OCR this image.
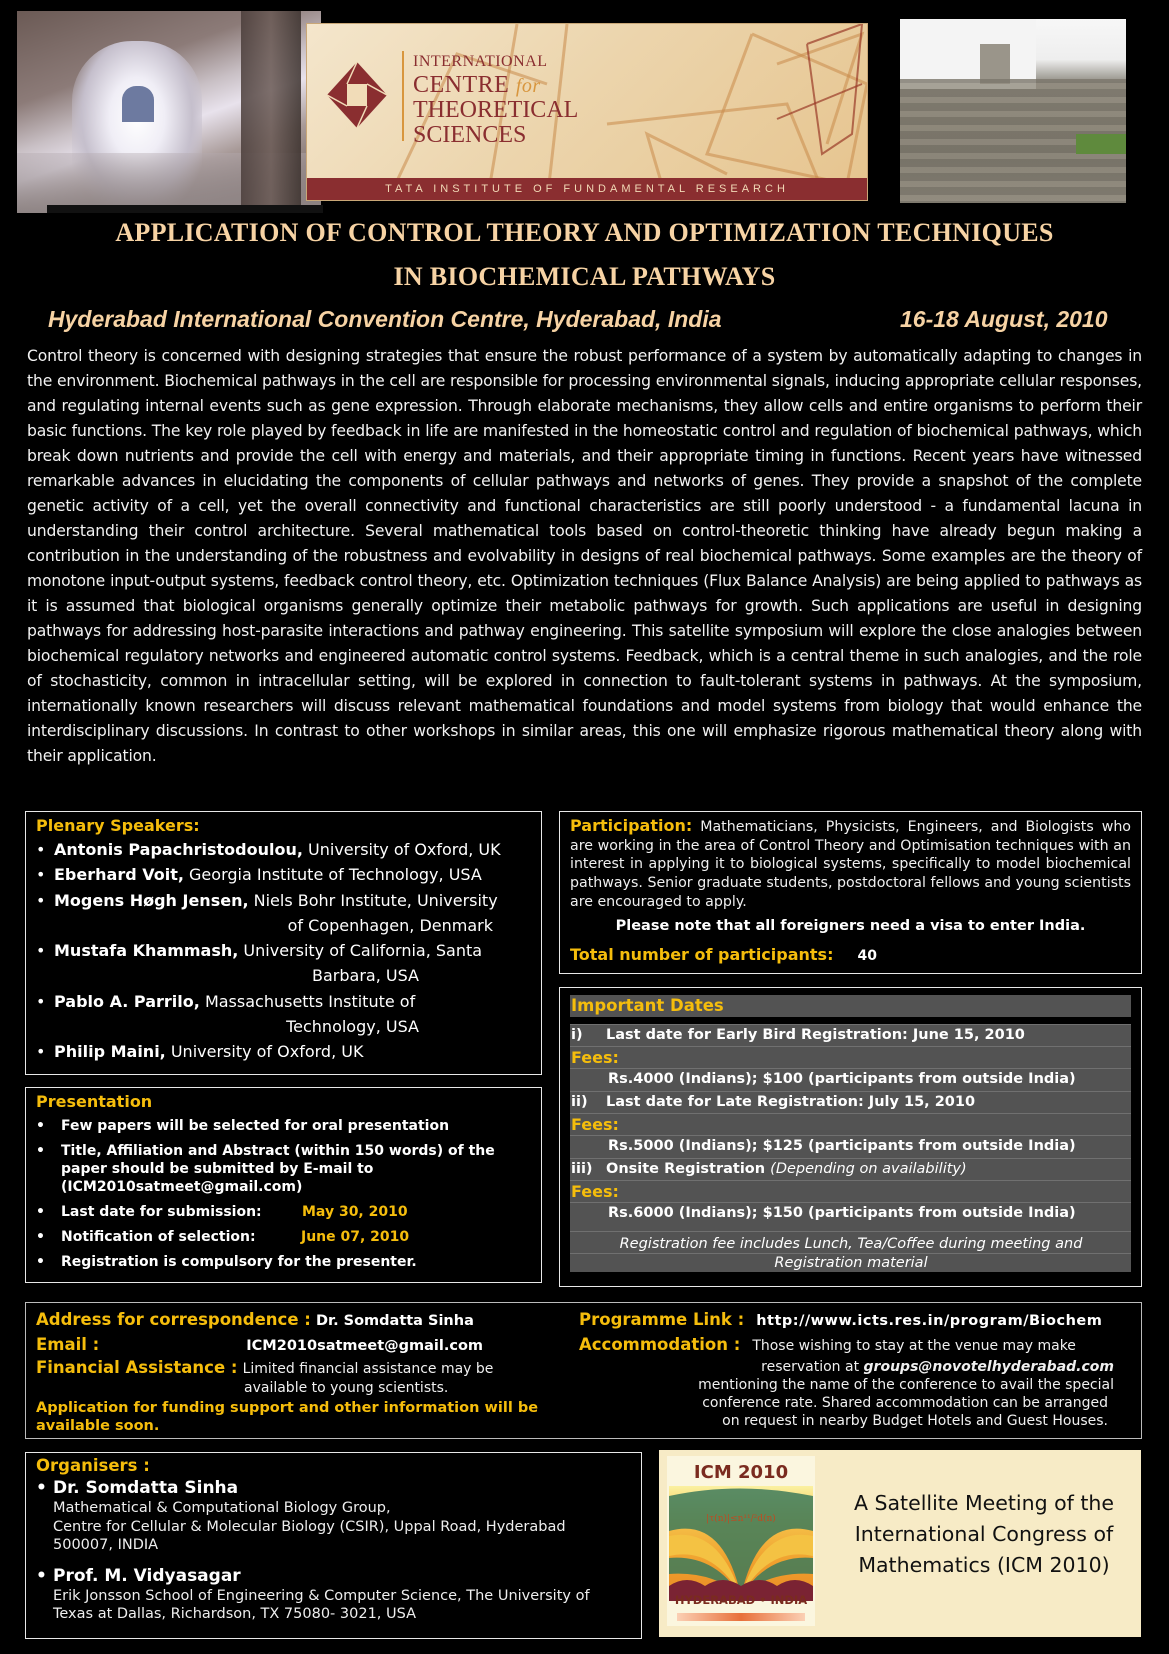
INTERNATIONAL
CENTRE for
THEORETICAL
SCIENCES
TATA INSTITUTE OF FUNDAMENTAL RESEARCH
APPLICATION OF CONTROL THEORY AND OPTIMIZATION TECHNIQUES
IN BIOCHEMICAL PATHWAYS
Hyderabad International Convention Centre, Hyderabad, India	16-18 August, 2010
Control theory is concerned with designing strategies that ensure the robust performance of a system by automatically adapting to changes in the environment. Biochemical pathways in the cell are responsible for processing environmental signals, inducing appropriate cellular responses, and regulating internal events such as gene expression. Through elaborate mechanisms, they allow cells and entire organisms to perform their basic functions. The key role played by feedback in life are manifested in the homeostatic control and regulation of biochemical pathways, which break down nutrients and provide the cell with energy and materials, and their appropriate timing in functions. Recent years have witnessed remarkable advances in elucidating the components of cellular pathways and networks of genes. They provide a snapshot of the complete genetic activity of a cell, yet the overall connectivity and functional characteristics are still poorly understood - a fundamental lacuna in understanding their control architecture. Several mathematical tools based on control-theoretic thinking have already begun making a contribution in the understanding of the robustness and evolvability in designs of real biochemical pathways. Some examples are the theory of monotone input-output systems, feedback control theory, etc. Optimization techniques (Flux Balance Analysis) are being applied to pathways as it is assumed that biological organisms generally optimize their metabolic pathways for growth. Such applications are useful in designing pathways for addressing host-parasite interactions and pathway engineering. This satellite symposium will explore the close analogies between biochemical regulatory networks and engineered automatic control systems. Feedback, which is a central theme in such analogies, and the role of stochasticity, common in intracellular setting, will be explored in connection to fault-tolerant systems in pathways. At the symposium, internationally known researchers will discuss relevant mathematical foundations and model systems from biology that would enhance the interdisciplinary discussions. In contrast to other workshops in similar areas, this one will emphasize rigorous mathematical theory along with their application.
Plenary Speakers:
• Antonis Papachristodoulou, University of Oxford, UK
• Eberhard Voit, Georgia Institute of Technology, USA
• Mogens Høgh Jensen, Niels Bohr Institute, University
of Copenhagen, Denmark
• Mustafa Khammash, University of California, Santa
Barbara, USA
• Pablo A. Parrilo, Massachusetts Institute of
Technology, USA
• Philip Maini, University of Oxford, UK
Presentation
• Few papers will be selected for oral presentation
• Title, Affiliation and Abstract (within 150 words) of the paper should be submitted by E-mail to (ICM2010satmeet@gmail.com)
• Last date for submission:	May 30, 2010
• Notification of selection:	June 07, 2010
• Registration is compulsory for the presenter.
Participation: Mathematicians, Physicists, Engineers, and Biologists who are working in the area of Control Theory and Optimisation techniques with an interest in applying it to biological systems, specifically to model biochemical pathways. Senior graduate students, postdoctoral fellows and young scientists are encouraged to apply.
Please note that all foreigners need a visa to enter India.
Total number of participants: 40
Important Dates
i) Last date for Early Bird Registration: June 15, 2010
Fees:
Rs.4000 (Indians); $100 (participants from outside India)
ii) Last date for Late Registration: July 15, 2010
Fees:
Rs.5000 (Indians); $125 (participants from outside India)
iii) Onsite Registration (Depending on availability)
Fees:
Rs.6000 (Indians); $150 (participants from outside India)
Registration fee includes Lunch, Tea/Coffee during meeting and
Registration material
Address for correspondence : Dr. Somdatta Sinha
Email :	ICM2010satmeet@gmail.com
Financial Assistance : Limited financial assistance may be
available to young scientists.
Application for funding support and other information will be available soon.
Programme Link : http://www.icts.res.in/program/Biochem
Accommodation : Those wishing to stay at the venue may make
reservation at groups@novotelhyderabad.com
mentioning the name of the conference to avail the special
conference rate. Shared accommodation can be arranged
on request in nearby Budget Hotels and Guest Houses.
Organisers :
• Dr. Somdatta Sinha
Mathematical & Computational Biology Group,
Centre for Cellular & Molecular Biology (CSIR), Uppal Road, Hyderabad
500007, INDIA
• Prof. M. Vidyasagar
Erik Jonsson School of Engineering & Computer Science, The University of
Texas at Dallas, Richardson, TX 75080- 3021, USA
ICM 2010
|τ(n)|≤n¹¹/²d(n)
HYDERABAD • INDIA
A Satellite Meeting of the
International Congress of
Mathematics (ICM 2010)
